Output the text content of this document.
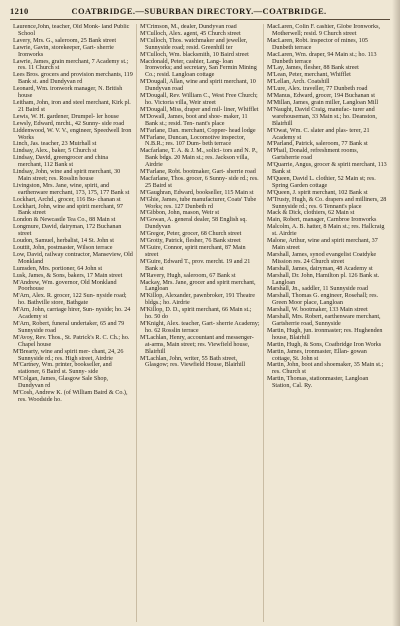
1210	COATBRIDGE.—SUBURBAN DIRECTORY.—COATBRIDGE.

Laurence,John, teacher, Old Monk- land Public School

Lavery, Mrs. G., saleroom, 25 Bank street

Lawrie, Gavin, storekeeper, Gart- sherrie Ironworks

Lawrie, James, grain merchant, 7 Academy st.; res. 11 Church st

Lees Bros. grocers and provision merchants, 119 Bank st. and Dundyvan rd

Leonard, Wm. ironwork manager, N. British house

Leitham, John, iron and steel merchant, Kirk pl. 21 Baird st

Lewis, W. H. gardener, Drumpel- ler house

Lewsly, Edward, mrcht., 42 Sunny- side road

Liddenwood, W. V. V., engineer, Speedwell Iron Works

Linch, Jas. teacher, 23 Muirhall st

Lindsay, Alex., baker, 5 Church st

Lindsay, David, greengrocer and china merchant, 112 Bank st

Lindsay, John, wine and spirit merchant, 30 Main street; res. Rosslin house

Livingston, Mrs. Jane, wine, spirit, and earthenware merchant, 173, 175, 177 Bank st

Lockhart, Archd., grocer, 116 Bu- chanan st

Lockhart, John, wine and spirit merchant, 97 Bank street

London & Newcastle Tea Co., 88 Main st

Longmure, David, dairyman, 172 Buchanan street

Loudon, Samuel, herbalist, 14 St. John st

Louttit, John, postmaster, Wilson terrace

Low, David, railway contractor, Manseview, Old Monkland

Lumsden, Mrs. portioner, 64 John st

Lusk, James, & Sons, bakers, 17 Main street

M'Andrew, Wm. governor, Old Monkland Poorhouse

M'Arn, Alex. R. grocer, 122 Sun- nyside road; ho. Bathville store, Bathgate

M'Arn, John, carriage hirer, Sun- nyside; ho. 24 Academy st

M'Arn, Robert, funeral undertaker, 65 and 79 Sunnyside road

M'Avoy, Rev. Thos., St. Patrick's R. C. Ch.; ho. Chapel house

M'Brearty, wine and spirit mer- chant, 24, 26 Sunnyside rd.; res. High street, Airdrie

M'Cartney, Wm. printer, bookseller, and stationer, 6 Baird st. Sunny- side

M'Colgan, James, Glasgow Sale Shop, Dundyvan rd

M'Cosh, Andrew K. (of William Baird & Co.), res. Woodside ho.

M'Crimson, M., dealer, Dundyvan road

M'Culloch, Alex. agent, 45 Church street

M'Culloch, Thos. watchmaker and jeweller, Sunnyside road; resid. Greenhill ter

M'Culloch, Wm. blacksmith, 10 Baird street

Macdonald, Peter, cashier, Lang- loan Ironworks; and secretary, San Fermin Mining Co.; resid. Langloan cottage

M'Dougall, Allan, wine and spirit merchant, 10 Dundyvan road

M'Dougall, Rev. William C., West Free Church; ho. Victoria villa, Weir street

M'Dougall, Miss, draper and mil- liner, Whifflet

M'Dowall, James, boot and shoe- maker, 11 Bank st.; resid. Ten- nant's place

M'Farlane, Dan. merchant, Copper- head lodge

M'Farlane, Duncan, Locomotive inspector, N.B.R.; res. 107 Dum- beth terrace

Macfarlane, T. A. & J. M., solici- tors and N. P., Bank bdgs. 20 Main st.; res. Jackson villa, Airdrie

M'Farlane, Robt. bootmaker, Gart- sherrie road

Macfarlane, Thos. grocer, 6 Sunny- side rd.; res. 25 Baird st

M'Gaughran, Edward, bookseller, 115 Main st

M'Ghie, James, tube manufacturer, Coats' Tube Works; res. 127 Dunbeth rd

M'Gibbon, John, mason, Weir st

M'Gowan, A. general dealer, 58 English sq. Dundyvan

M'Gregor, Peter, grocer, 68 Church street

M'Grotty, Patrick, flesher, 76 Bank street

M'Guire, Connor, spirit merchant, 87 Main street

M'Guire, Edward T., prov. mercht. 19 and 21 Bank st

M'Ravery, Hugh, saleroom, 67 Bank st

Mackay, Mrs. Jane, grocer and spirit merchant, Langloan

M'Killop, Alexander, pawnbroker, 191 Theatre bldgs.; ho. Airdrie

M'Killop, D. D., spirit merchant, 66 Main st.; ho. 50 do

M'Knight, Alex. teacher, Gart- sherrie Academy; ho. 62 Rosslin terrace

M'Lachlan, Henry, accountant and messenger-at-arms, Main street; res. Viewfield house, Blairhill

M'Lachlan, John, writer, 55 Bath street, Glasgow; res. Viewfield House, Blairhill

MacLaren, Colin F. cashier, Globe Ironworks, Motherwell; resid. 9 Church street

MacLaren, Robt. inspector of mines, 105 Dunbeth terrace

MacLaren, Wm. draper, 94 Main st.; ho. 113 Dunbeth terrace

M'Lay, James, flesher, 88 Bank street

M'Lean, Peter, merchant, Whifflet

M'Lellan, Arch. Coatshill

M'Lure, Alex. traveller, 77 Dunbeth road

M'Manus, Edward, grocer, 194 Buchanan st

M'Millan, James, grain miller, Langloan Mill

M'Naught, David Craig, manufac- turer and warehouseman, 33 Main st.; ho. Deanston, Blairhill

M'Owat, Wm. C. slater and plas- terer, 21 Academy st

M'Parland, Patrick, saleroom, 77 Bank st

M'Phail, Donald, refreshment rooms, Gartsherrie road

M'Quarrie, Angus, grocer & spirit merchant, 113 Bank st

M'Queen, David L. clothier, 52 Main st; res. Spring Garden cottage

M'Queen, J. spirit merchant, 102 Bank st

M'Trusty, Hugh, & Co. drapers and milliners, 28 Sunnyside rd.; res. 6 Tennant's place

Mack & Dick, clothiers, 62 Main st

Main, Robert, manager, Carnbroe Ironworks

Malcolm, A. B. hatter, 8 Main st.; res. Hallcraig st. Airdrie

Malone, Arthur, wine and spirit merchant, 37 Main street

Marshall, James, synod evangelist Coatdyke Mission res. 24 Church street

Marshall, James, dairyman, 48 Academy st

Marshall, Dr. John, Hamilton pl. 126 Bank st. Langloan

Marshall, Jn., saddler, 11 Sunnyside road

Marshall, Thomas G. engineer, Rosehall; res. Green Moor place, Langloan

Marshall, W. bootmaker, 133 Main street

Marshall, Mrs. Robert, earthenware merchant, Gartsherrie road, Sunnyside

Martin, Hugh, jun. ironmaster; res. Hughenden house, Blairhill

Martin, Hugh, & Sons, Coatbridge Iron Works

Martin, James, ironmaster, Ellan- gowan cottage, St. John st

Martin, John, boot and shoemaker, 35 Main st.; res. Church st

Martin, Thomas, stationmaster, Langloan Station, Cal. Ry.
